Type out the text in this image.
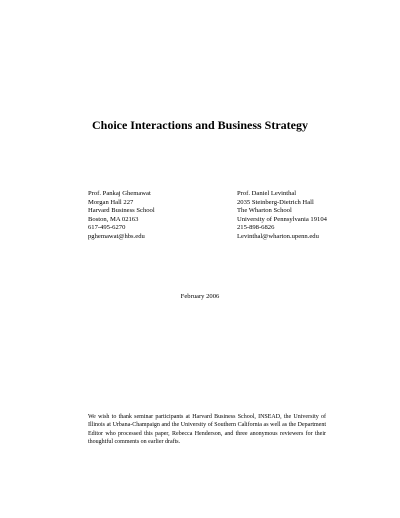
Choice Interactions and Business Strategy
Prof. Pankaj Ghemawat
Morgan Hall 227
Harvard Business School
Boston, MA 02163
617-495-6270
pghemawat@hbs.edu
Prof. Daniel Levinthal
2035 Steinberg-Dietrich Hall
The Wharton School
University of Pennsylvania 19104
215-898-6826
Levinthal@wharton.upenn.edu
February 2006

We wish to thank seminar participants at Harvard Business School, INSEAD, the University of Illinois at Urbana-Champaign and the University of Southern California as well as the Department Editor who processed this paper, Rebecca Henderson, and three anonymous reviewers for their thoughtful comments on earlier drafts.
